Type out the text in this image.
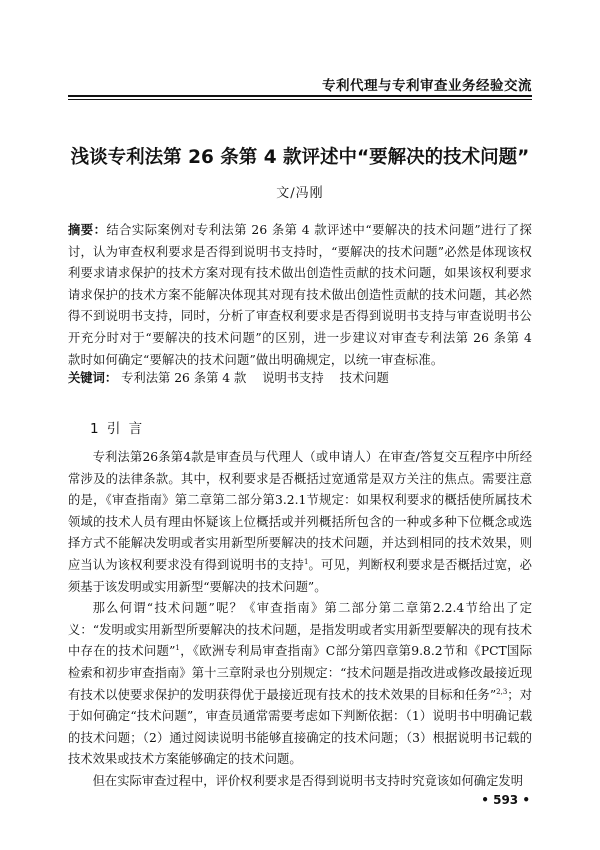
专利代理与专利审查业务经验交流
浅谈专利法第 26 条第 4 款评述中“要解决的技术问题”
文/冯刚
摘要：结合实际案例对专利法第 26 条第 4 款评述中“要解决的技术问题”进行了探讨，认为审查权利要求是否得到说明书支持时，“要解决的技术问题”必然是体现该权利要求请求保护的技术方案对现有技术做出创造性贡献的技术问题，如果该权利要求请求保护的技术方案不能解决体现其对现有技术做出创造性贡献的技术问题，其必然得不到说明书支持，同时，分析了审查权利要求是否得到说明书支持与审查说明书公开充分时对于“要解决的技术问题”的区别，进一步建议对审查专利法第 26 条第 4 款时如何确定“要解决的技术问题”做出明确规定，以统一审查标准。
关键词： 专利法第 26 条第 4 款 说明书支持 技术问题
1 引 言

专利法第26条第4款是审查员与代理人（或申请人）在审查/答复交互程序中所经常涉及的法律条款。其中，权利要求是否概括过宽通常是双方关注的焦点。需要注意的是，《审查指南》第二章第二部分第3.2.1节规定：如果权利要求的概括使所属技术领域的技术人员有理由怀疑该上位概括或并列概括所包含的一种或多种下位概念或选择方式不能解决发明或者实用新型所要解决的技术问题，并达到相同的技术效果，则应当认为该权利要求没有得到说明书的支持$^1$。可见，判断权利要求是否概括过宽，必须基于该发明或实用新型“要解决的技术问题”。

那么何谓“技术问题”呢？《审查指南》第二部分第二章第2.2.4节给出了定义：“发明或实用新型所要解决的技术问题，是指发明或者实用新型要解决的现有技术中存在的技术问题”$^1$，《欧洲专利局审查指南》C部分第四章第9.8.2节和《PCT国际检索和初步审查指南》第十三章附录也分别规定：“技术问题是指改进或修改最接近现有技术以使要求保护的发明获得优于最接近现有技术的技术效果的目标和任务”$^{2,3}$；对于如何确定“技术问题”，审查员通常需要考虑如下判断依据：（1）说明书中明确记载的技术问题；（2）通过阅读说明书能够直接确定的技术问题；（3）根据说明书记载的技术效果或技术方案能够确定的技术问题。

但在实际审查过程中，评价权利要求是否得到说明书支持时究竟该如何确定发明

• 593 •
